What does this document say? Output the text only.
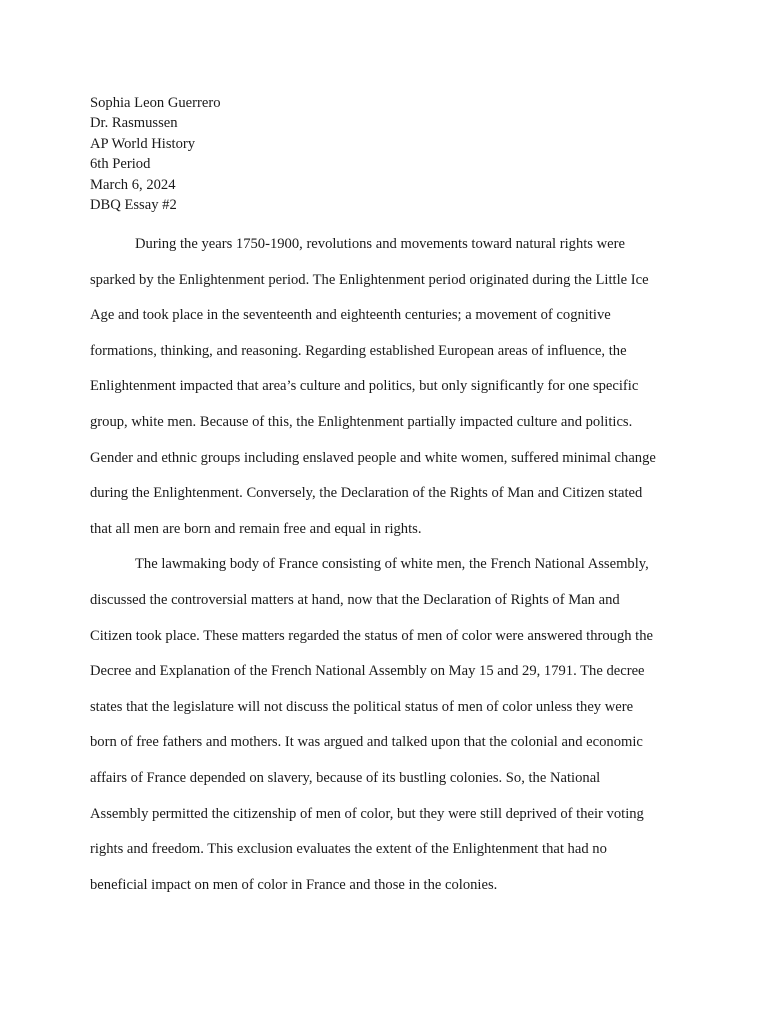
Sophia Leon Guerrero
Dr. Rasmussen
AP World History
6th Period
March 6, 2024
DBQ Essay #2

During the years 1750-1900, revolutions and movements toward natural rights were
sparked by the Enlightenment period. The Enlightenment period originated during the Little Ice
Age and took place in the seventeenth and eighteenth centuries; a movement of cognitive
formations, thinking, and reasoning. Regarding established European areas of influence, the
Enlightenment impacted that area’s culture and politics, but only significantly for one specific
group, white men. Because of this, the Enlightenment partially impacted culture and politics.
Gender and ethnic groups including enslaved people and white women, suffered minimal change
during the Enlightenment. Conversely, the Declaration of the Rights of Man and Citizen stated
that all men are born and remain free and equal in rights.

The lawmaking body of France consisting of white men, the French National Assembly,
discussed the controversial matters at hand, now that the Declaration of Rights of Man and
Citizen took place. These matters regarded the status of men of color were answered through the
Decree and Explanation of the French National Assembly on May 15 and 29, 1791. The decree
states that the legislature will not discuss the political status of men of color unless they were
born of free fathers and mothers. It was argued and talked upon that the colonial and economic
affairs of France depended on slavery, because of its bustling colonies. So, the National
Assembly permitted the citizenship of men of color, but they were still deprived of their voting
rights and freedom. This exclusion evaluates the extent of the Enlightenment that had no
beneficial impact on men of color in France and those in the colonies.
